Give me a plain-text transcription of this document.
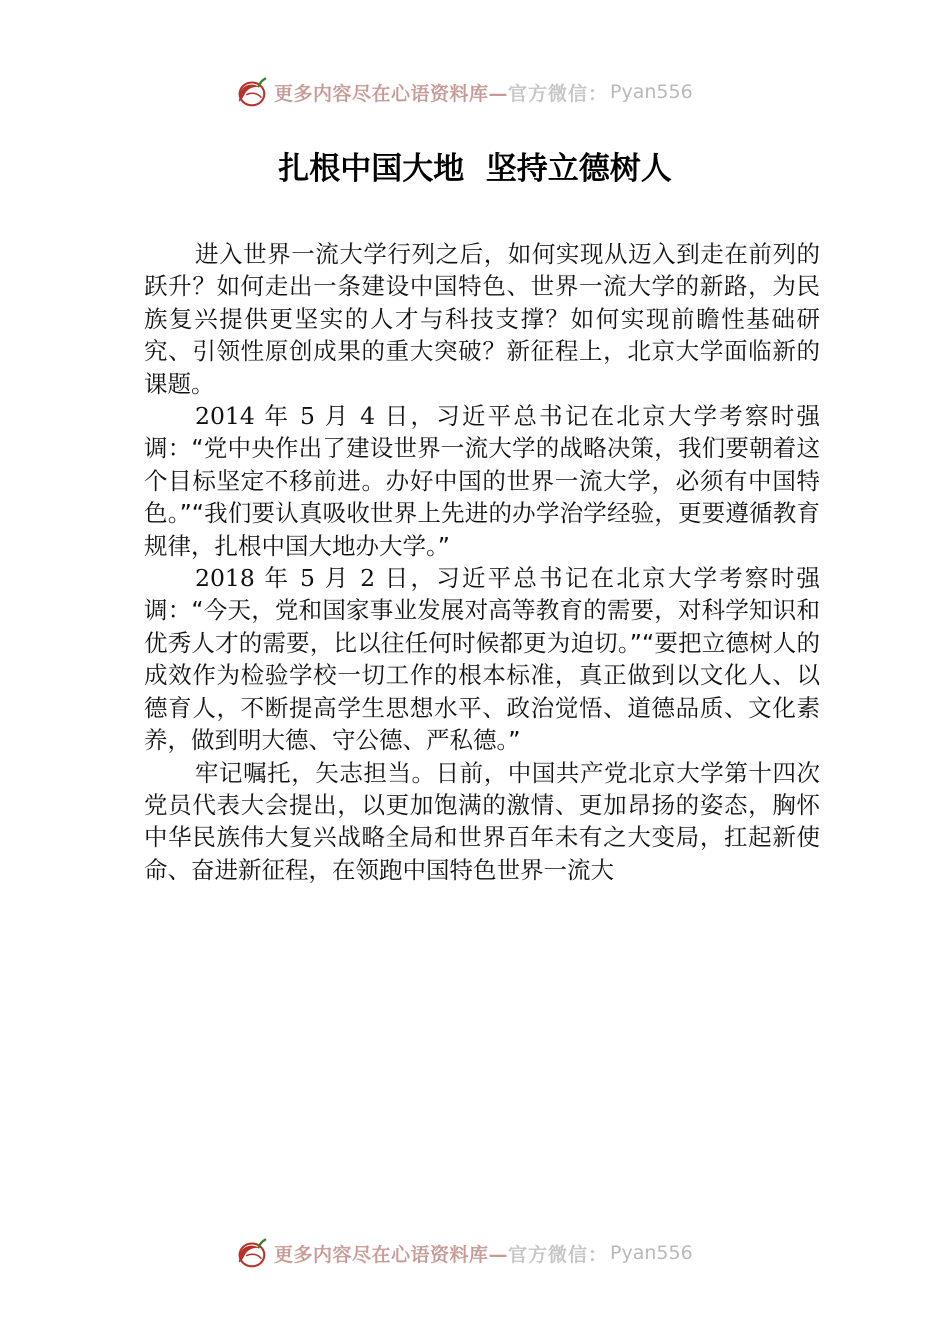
更多内容尽在心语资料库— 官方微信： Pyan556
扎根中国大地  坚持立德树人

进入世界一流大学行列之后，如何实现从迈入到走在前列的跃升？如何走出一条建设中国特色、世界一流大学的新路，为民族复兴提供更坚实的人才与科技支撑？如何实现前瞻性基础研究、引领性原创成果的重大突破？新征程上，北京大学面临新的课题。

2014 年 5 月 4 日，习近平总书记在北京大学考察时强调：“党中央作出了建设世界一流大学的战略决策，我们要朝着这个目标坚定不移前进。办好中国的世界一流大学，必须有中国特色。”“我们要认真吸收世界上先进的办学治学经验，更要遵循教育规律，扎根中国大地办大学。”

2018 年 5 月 2 日，习近平总书记在北京大学考察时强调：“今天，党和国家事业发展对高等教育的需要，对科学知识和优秀人才的需要，比以往任何时候都更为迫切。”“要把立德树人的成效作为检验学校一切工作的根本标准，真正做到以文化人、以德育人，不断提高学生思想水平、政治觉悟、道德品质、文化素养，做到明大德、守公德、严私德。”

牢记嘱托，矢志担当。日前，中国共产党北京大学第十四次党员代表大会提出，以更加饱满的激情、更加昂扬的姿态，胸怀中华民族伟大复兴战略全局和世界百年未有之大变局，扛起新使命、奋进新征程，在领跑中国特色世界一流大

更多内容尽在心语资料库— 官方微信： Pyan556
